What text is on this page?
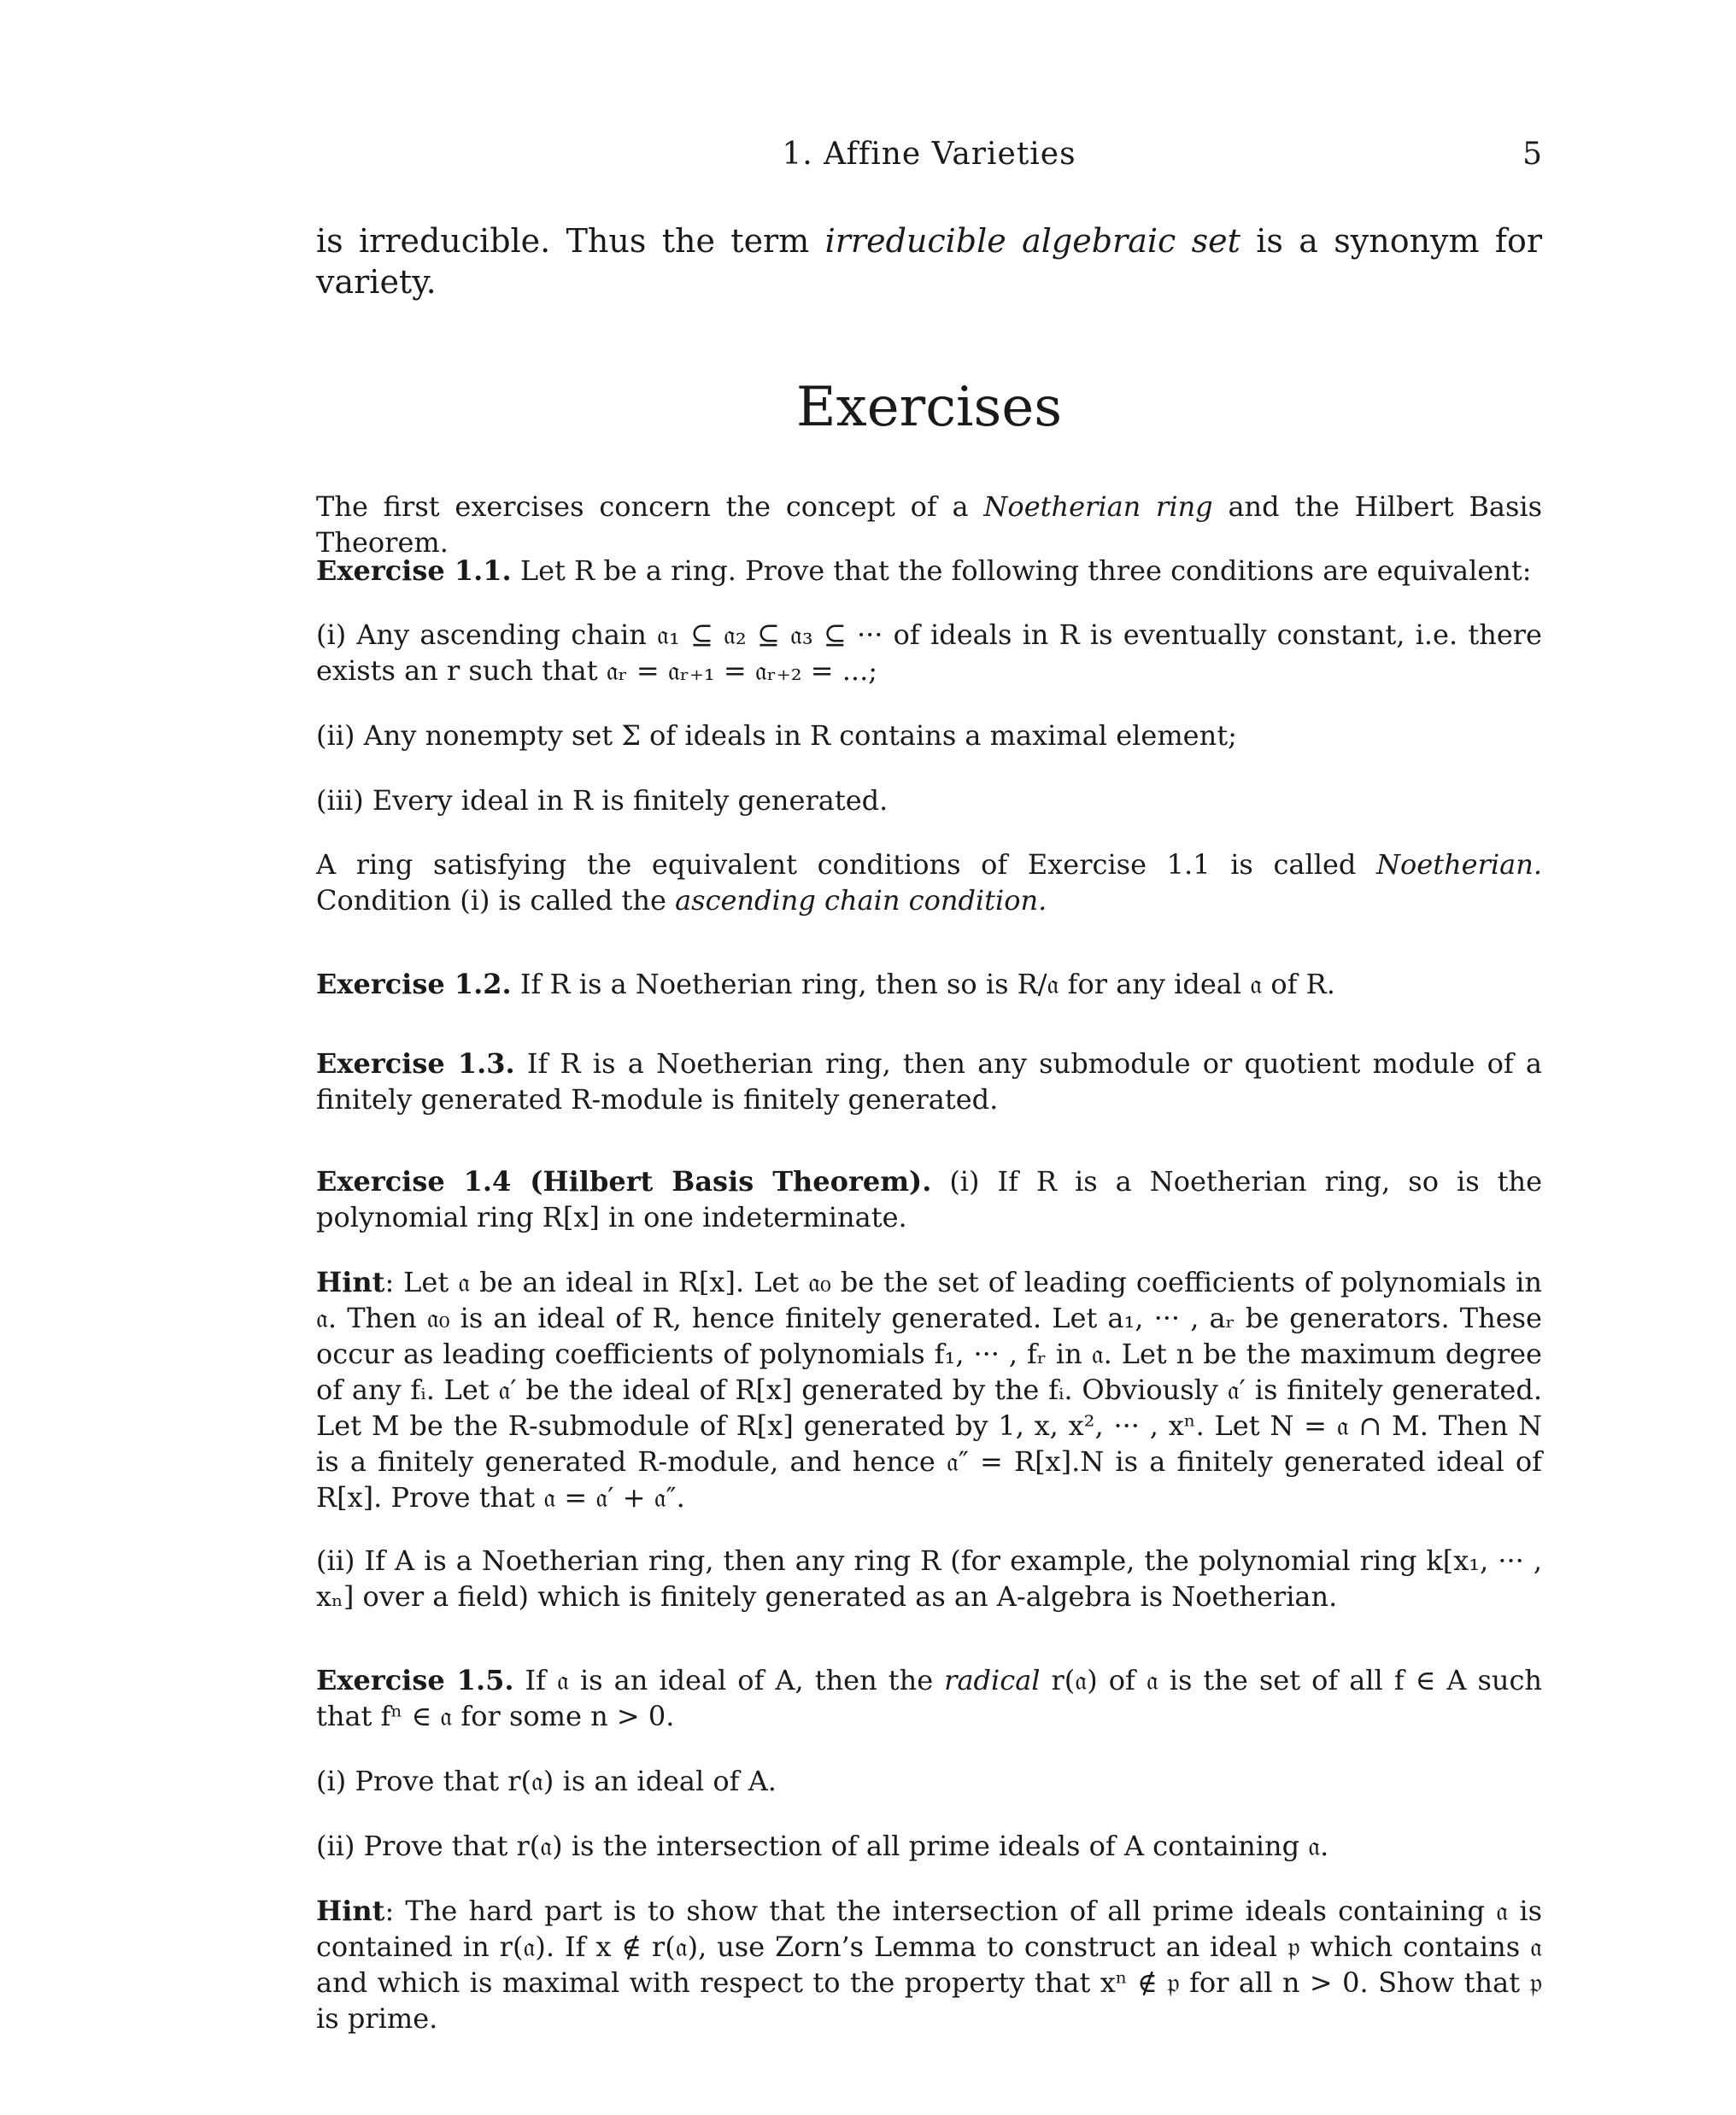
1. Affine Varieties	5
is irreducible. Thus the term irreducible algebraic set is a synonym for variety.
Exercises
The first exercises concern the concept of a Noetherian ring and the Hilbert Basis Theorem.
Exercise 1.1. Let R be a ring. Prove that the following three conditions are equivalent:
(i) Any ascending chain 𝔞₁ ⊆ 𝔞₂ ⊆ 𝔞₃ ⊆ ··· of ideals in R is eventually constant, i.e. there exists an r such that 𝔞ᵣ = 𝔞ᵣ₊₁ = 𝔞ᵣ₊₂ = ...;
(ii) Any nonempty set Σ of ideals in R contains a maximal element;
(iii) Every ideal in R is finitely generated.
A ring satisfying the equivalent conditions of Exercise 1.1 is called Noetherian. Condition (i) is called the ascending chain condition.
Exercise 1.2. If R is a Noetherian ring, then so is R/𝔞 for any ideal 𝔞 of R.
Exercise 1.3. If R is a Noetherian ring, then any submodule or quotient module of a finitely generated R-module is finitely generated.
Exercise 1.4 (Hilbert Basis Theorem). (i) If R is a Noetherian ring, so is the polynomial ring R[x] in one indeterminate.
Hint: Let 𝔞 be an ideal in R[x]. Let 𝔞₀ be the set of leading coefficients of polynomials in 𝔞. Then 𝔞₀ is an ideal of R, hence finitely generated. Let a₁, ··· , aᵣ be generators. These occur as leading coefficients of polynomials f₁, ··· , fᵣ in 𝔞. Let n be the maximum degree of any fᵢ. Let 𝔞′ be the ideal of R[x] generated by the fᵢ. Obviously 𝔞′ is finitely generated. Let M be the R-submodule of R[x] generated by 1, x, x², ··· , xⁿ. Let N = 𝔞 ∩ M. Then N is a finitely generated R-module, and hence 𝔞″ = R[x].N is a finitely generated ideal of R[x]. Prove that 𝔞 = 𝔞′ + 𝔞″.
(ii) If A is a Noetherian ring, then any ring R (for example, the polynomial ring k[x₁, ··· , xₙ] over a field) which is finitely generated as an A-algebra is Noetherian.
Exercise 1.5. If 𝔞 is an ideal of A, then the radical r(𝔞) of 𝔞 is the set of all f ∈ A such that fⁿ ∈ 𝔞 for some n > 0.
(i) Prove that r(𝔞) is an ideal of A.
(ii) Prove that r(𝔞) is the intersection of all prime ideals of A containing 𝔞.
Hint: The hard part is to show that the intersection of all prime ideals containing 𝔞 is contained in r(𝔞). If x ∉ r(𝔞), use Zorn’s Lemma to construct an ideal 𝔭 which contains 𝔞 and which is maximal with respect to the property that xⁿ ∉ 𝔭 for all n > 0. Show that 𝔭 is prime.
